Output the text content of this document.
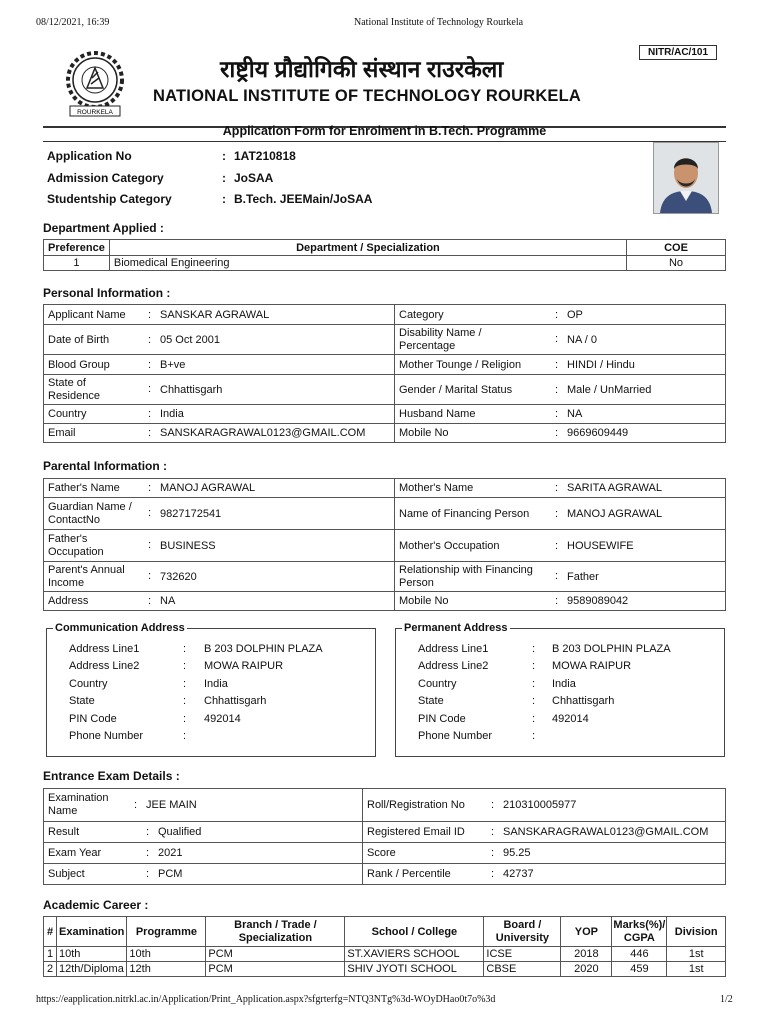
08/12/2021, 16:39	National Institute of Technology Rourkela
https://eapplication.nitrkl.ac.in/Application/Print_Application.aspx?sfgrterfg=NTQ3NTg%3d-WOyDHao0t7o%3d	1/2
NITR/AC/101
ROURKELA
राष्ट्रीय प्रौद्योगिकी संस्थान राउरकेला
NATIONAL INSTITUTE OF TECHNOLOGY ROURKELA
Application Form for Enrolment in B.Tech. Programme
Application No	: 1AT210818
Admission Category	: JoSAA
Studentship Category	: B.Tech. JEEMain/JoSAA
Department Applied :
Preference	Department / Specialization	COE
1	Biomedical Engineering	No
Personal Information :
Applicant Name : SANSKAR AGRAWAL	Category : OP
Date of Birth : 05 Oct 2001	Disability Name / Percentage: NA / 0
Blood Group : B+ve	Mother Tounge / Religion : HINDI / Hindu
State of Residence: Chhattisgarh	Gender / Marital Status : Male / UnMarried
Country : India	Husband Name : NA
Email : SANSKARAGRAWAL0123@GMAIL.COM	Mobile No : 9669609449
Parental Information :
Father's Name : MANOJ AGRAWAL	Mother's Name : SARITA AGRAWAL
Guardian Name / ContactNo: 9827172541	Name of Financing Person : MANOJ AGRAWAL
Father's Occupation: BUSINESS	Mother's Occupation : HOUSEWIFE
Parent's Annual Income: 732620	Relationship with Financing Person: Father
Address : NA	Mobile No : 9589089042
Communication Address
Address Line1	: B 203 DOLPHIN PLAZA
Address Line2	: MOWA RAIPUR
Country	: India
State	: Chhattisgarh
PIN Code	: 492014
Phone Number	:
Permanent Address
Address Line1	: B 203 DOLPHIN PLAZA
Address Line2	: MOWA RAIPUR
Country	: India
State	: Chhattisgarh
PIN Code	: 492014
Phone Number	:
Entrance Exam Details :
Examination Name: JEE MAIN	Roll/Registration No : 210310005977
Result : Qualified	Registered Email ID : SANSKARAGRAWAL0123@GMAIL.COM
Exam Year : 2021	Score : 95.25
Subject : PCM	Rank / Percentile : 42737
Academic Career :
#	Examination	Programme	Branch / Trade / Specialization	School / College	Board / University	YOP	Marks(%)/ CGPA	Division
1	10th	10th	PCM	ST.XAVIERS SCHOOL	ICSE	2018	446	1st
2	12th/Diploma	12th	PCM	SHIV JYOTI SCHOOL	CBSE	2020	459	1st
